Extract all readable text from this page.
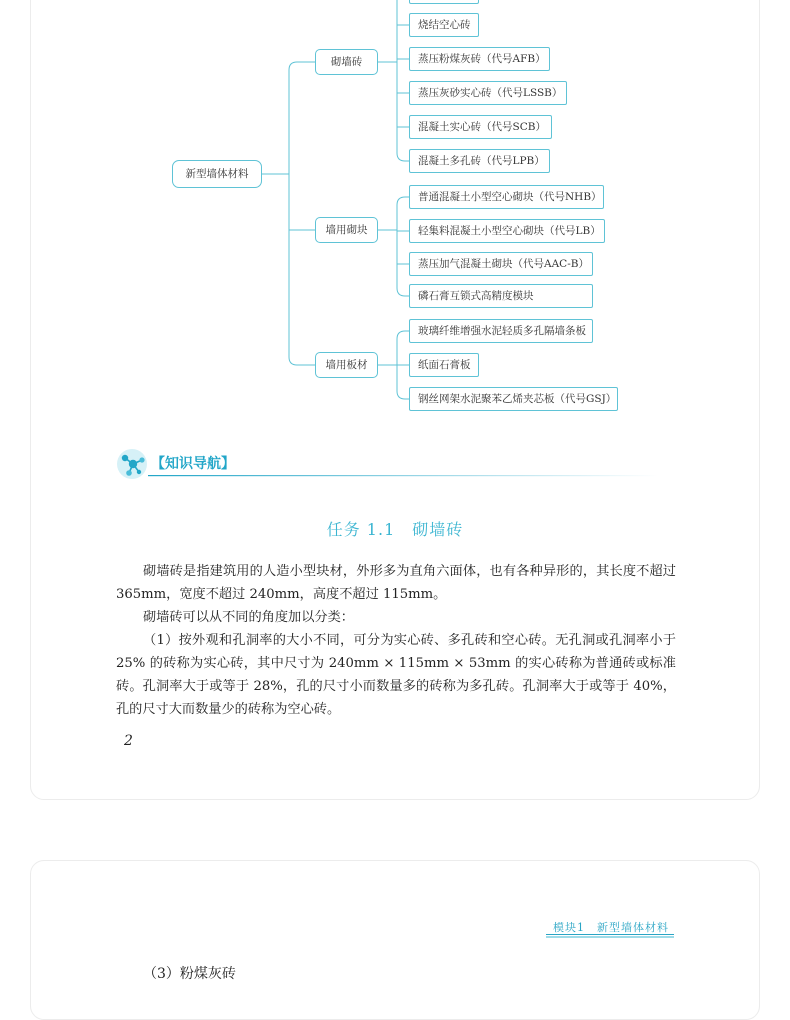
新型墙体材料
砌墙砖
墙用砌块
墙用板材
烧结空心砖
蒸压粉煤灰砖（代号AFB）
蒸压灰砂实心砖（代号LSSB）
混凝土实心砖（代号SCB）
混凝土多孔砖（代号LPB）
普通混凝土小型空心砌块（代号NHB）
轻集料混凝土小型空心砌块（代号LB）
蒸压加气混凝土砌块（代号AAC-B）
磷石膏互锁式高精度模块
玻璃纤维增强水泥轻质多孔隔墙条板
纸面石膏板
钢丝网架水泥聚苯乙烯夹芯板（代号GSJ）
【知识导航】
任务 1.1　砌墙砖
砌墙砖是指建筑用的人造小型块材，外形多为直角六面体，也有各种异形的，其长度不超过 365mm，宽度不超过 240mm，高度不超过 115mm。
砌墙砖可以从不同的角度加以分类：
（1）按外观和孔洞率的大小不同，可分为实心砖、多孔砖和空心砖。无孔洞或孔洞率小于 25% 的砖称为实心砖，其中尺寸为 240mm × 115mm × 53mm 的实心砖称为普通砖或标准砖。孔洞率大于或等于 28%，孔的尺寸小而数量多的砖称为多孔砖。孔洞率大于或等于 40%，孔的尺寸大而数量少的砖称为空心砖。
2
模块1　新型墙体材料
（3）粉煤灰砖
